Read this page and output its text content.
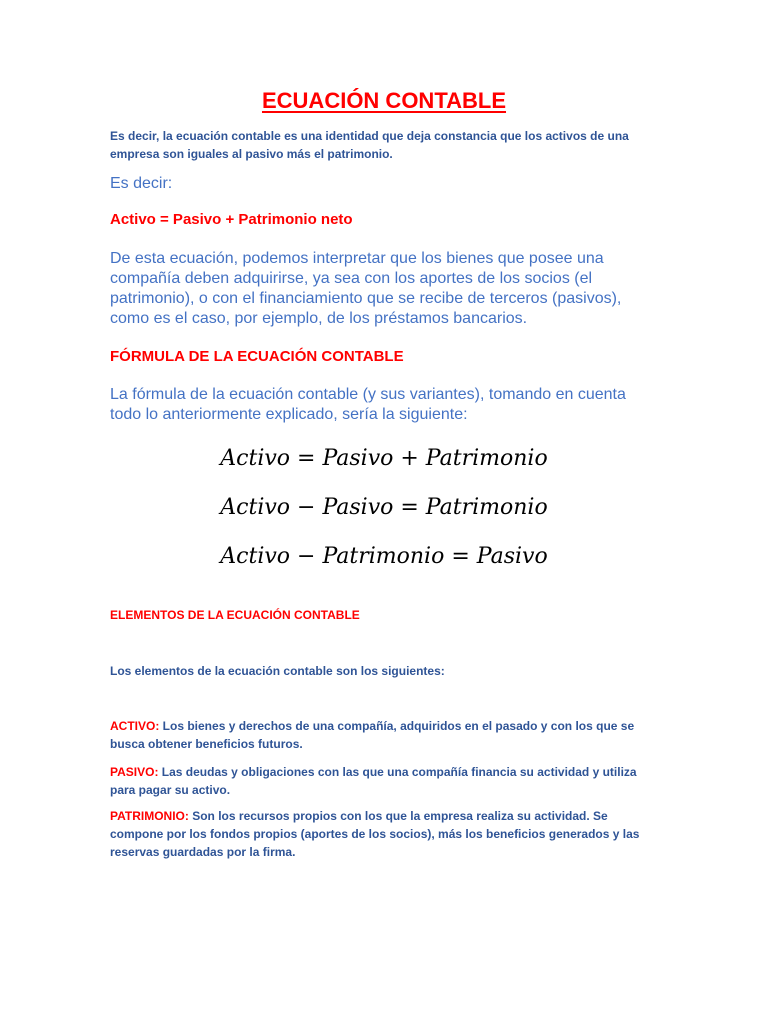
ECUACIÓN CONTABLE

Es decir, la ecuación contable es una identidad que deja constancia que los activos de una empresa son iguales al pasivo más el patrimonio.

Es decir:

Activo = Pasivo + Patrimonio neto

De esta ecuación, podemos interpretar que los bienes que posee una compañía deben adquirirse, ya sea con los aportes de los socios (el patrimonio), o con el financiamiento que se recibe de terceros (pasivos), como es el caso, por ejemplo, de los préstamos bancarios.

FÓRMULA DE LA ECUACIÓN CONTABLE

La fórmula de la ecuación contable (y sus variantes), tomando en cuenta todo lo anteriormente explicado, sería la siguiente:

Activo = Pasivo + Patrimonio
Activo − Pasivo = Patrimonio
Activo − Patrimonio = Pasivo
ELEMENTOS DE LA ECUACIÓN CONTABLE

Los elementos de la ecuación contable son los siguientes:

ACTIVO: Los bienes y derechos de una compañía, adquiridos en el pasado y con los que se busca obtener beneficios futuros.

PASIVO: Las deudas y obligaciones con las que una compañía financia su actividad y utiliza para pagar su activo.

PATRIMONIO: Son los recursos propios con los que la empresa realiza su actividad. Se compone por los fondos propios (aportes de los socios), más los beneficios generados y las reservas guardadas por la firma.
